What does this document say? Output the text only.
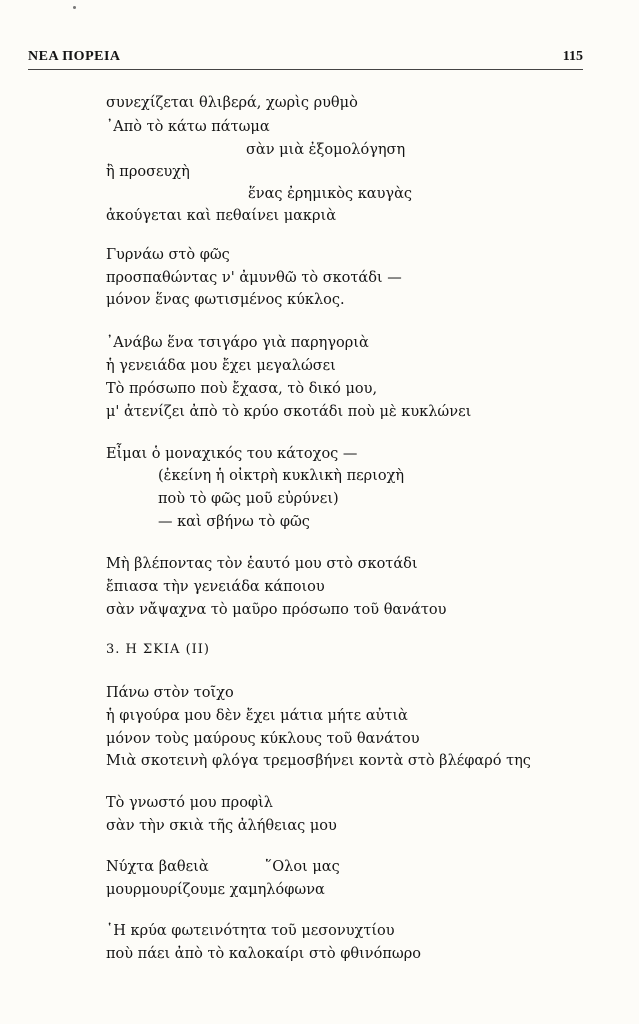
ΝΕΑ ΠΟΡΕΙΑ	115
συνεχίζεται θλιβερά, χωρὶς ρυθμὸ
᾿Απὸ τὸ κάτω πάτωμα
σὰν μιὰ ἐξομολόγηση
ἢ προσευχὴ
ἕνας ἐρημικὸς καυγὰς
ἀκούγεται καὶ πεθαίνει μακριὰ
Γυρνάω στὸ φῶς
προσπαθώντας ν' ἀμυνθῶ τὸ σκοτάδι —
μόνον ἕνας φωτισμένος κύκλος.
᾿Ανάβω ἕνα τσιγάρο γιὰ παρηγοριὰ
ἡ γενειάδα μου ἔχει μεγαλώσει
Τὸ πρόσωπο ποὺ ἔχασα, τὸ δικό μου,
μ' ἀτενίζει ἀπὸ τὸ κρύο σκοτάδι ποὺ μὲ κυκλώνει
Εἶμαι ὁ μοναχικός του κάτοχος —
(ἐκείνη ἡ οἰκτρὴ κυκλικὴ περιοχὴ
ποὺ τὸ φῶς μοῦ εὐρύνει)
— καὶ σβήνω τὸ φῶς
Μὴ βλέποντας τὸν ἑαυτό μου στὸ σκοτάδι
ἔπιασα τὴν γενειάδα κάποιου
σὰν νἄψαχνα τὸ μαῦρο πρόσωπο τοῦ θανάτου
3. Η ΣΚΙΑ (ΙΙ)
Πάνω στὸν τοῖχο
ἡ φιγούρα μου δὲν ἔχει μάτια μήτε αὐτιὰ
μόνον τοὺς μαύρους κύκλους τοῦ θανάτου
Μιὰ σκοτεινὴ φλόγα τρεμοσβήνει κοντὰ στὸ βλέφαρό της
Τὸ γνωστό μου προφὶλ
σὰν τὴν σκιὰ τῆς ἀλήθειας μου
Νύχτα βαθειὰ	῞Ολοι μας
μουρμουρίζουμε χαμηλόφωνα
῾Η κρύα φωτεινότητα τοῦ μεσονυχτίου
ποὺ πάει ἀπὸ τὸ καλοκαίρι στὸ φθινόπωρο
